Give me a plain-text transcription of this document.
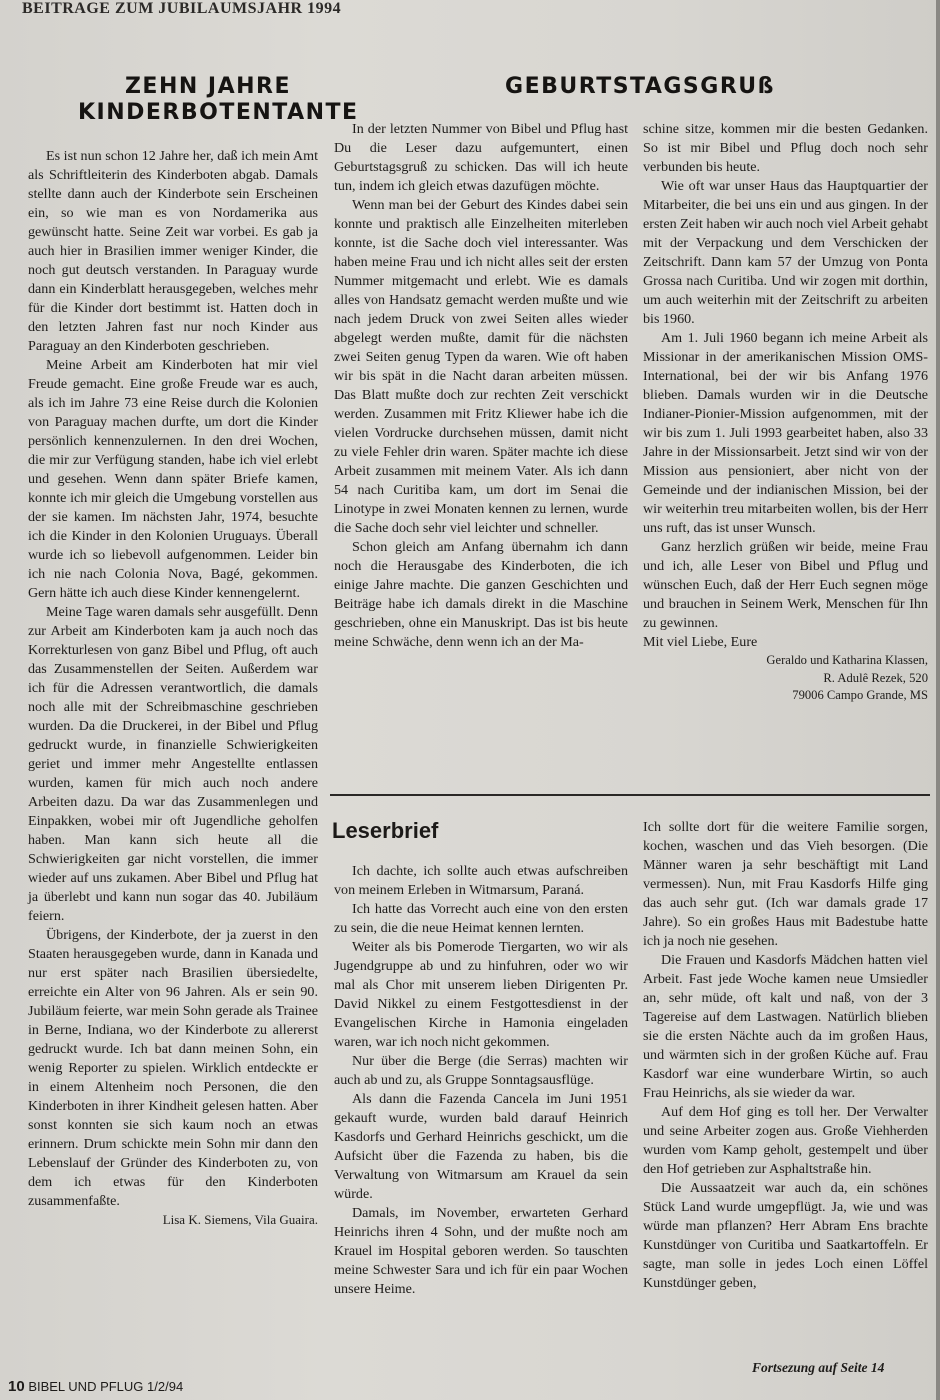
BEITRAGE ZUM JUBILAUMSJAHR 1994
ZEHN JAHRE
KINDERBOTENTANTE

Es ist nun schon 12 Jahre her, daß ich mein Amt als Schriftleiterin des Kinderboten abgab. Damals stellte dann auch der Kinderbote sein Erscheinen ein, so wie man es von Nordamerika aus gewünscht hatte. Seine Zeit war vorbei. Es gab ja auch hier in Brasilien immer weniger Kinder, die noch gut deutsch verstanden. In Paraguay wurde dann ein Kinderblatt herausgegeben, welches mehr für die Kinder dort bestimmt ist. Hatten doch in den letzten Jahren fast nur noch Kinder aus Paraguay an den Kinderboten geschrieben.

Meine Arbeit am Kinderboten hat mir viel Freude gemacht. Eine große Freude war es auch, als ich im Jahre 73 eine Reise durch die Kolonien von Paraguay machen durfte, um dort die Kinder persönlich kennenzulernen. In den drei Wochen, die mir zur Verfügung standen, habe ich viel erlebt und gesehen. Wenn dann später Briefe kamen, konnte ich mir gleich die Umgebung vorstellen aus der sie kamen. Im nächsten Jahr, 1974, besuchte ich die Kinder in den Kolonien Uruguays. Überall wurde ich so liebevoll aufgenommen. Leider bin ich nie nach Colonia Nova, Bagé, gekommen. Gern hätte ich auch diese Kinder kennengelernt.

Meine Tage waren damals sehr ausgefüllt. Denn zur Arbeit am Kinderboten kam ja auch noch das Korrekturlesen von ganz Bibel und Pflug, oft auch das Zusammenstellen der Seiten. Außerdem war ich für die Adressen verantwortlich, die damals noch alle mit der Schreibmaschine geschrieben wurden. Da die Druckerei, in der Bibel und Pflug gedruckt wurde, in finanzielle Schwierigkeiten geriet und immer mehr Angestellte entlassen wurden, kamen für mich auch noch andere Arbeiten dazu. Da war das Zusammenlegen und Einpakken, wobei mir oft Jugendliche geholfen haben. Man kann sich heute all die Schwierigkeiten gar nicht vorstellen, die immer wieder auf uns zukamen. Aber Bibel und Pflug hat ja überlebt und kann nun sogar das 40. Jubiläum feiern.

Übrigens, der Kinderbote, der ja zuerst in den Staaten herausgegeben wurde, dann in Kanada und nur erst später nach Brasilien übersiedelte, erreichte ein Alter von 96 Jahren. Als er sein 90. Jubiläum feierte, war mein Sohn gerade als Trainee in Berne, Indiana, wo der Kinderbote zu allererst gedruckt wurde. Ich bat dann meinen Sohn, ein wenig Reporter zu spielen. Wirklich entdeckte er in einem Altenheim noch Personen, die den Kinderboten in ihrer Kindheit gelesen hatten. Aber sonst konnten sie sich kaum noch an etwas erinnern. Drum schickte mein Sohn mir dann den Lebenslauf der Gründer des Kinderboten zu, von dem ich etwas für den Kinderboten zusammenfaßte.

Lisa K. Siemens, Vila Guaira.

GEBURTSTAGSGRUß

In der letzten Nummer von Bibel und Pflug hast Du die Leser dazu aufgemuntert, einen Geburtstagsgruß zu schicken. Das will ich heute tun, indem ich gleich etwas dazufügen möchte.

Wenn man bei der Geburt des Kindes dabei sein konnte und praktisch alle Einzelheiten miterleben konnte, ist die Sache doch viel interessanter. Was haben meine Frau und ich nicht alles seit der ersten Nummer mitgemacht und erlebt. Wie es damals alles von Handsatz gemacht werden mußte und wie nach jedem Druck von zwei Seiten alles wieder abgelegt werden mußte, damit für die nächsten zwei Seiten genug Typen da waren. Wie oft haben wir bis spät in die Nacht daran arbeiten müssen. Das Blatt mußte doch zur rechten Zeit verschickt werden. Zusammen mit Fritz Kliewer habe ich die vielen Vordrucke durchsehen müssen, damit nicht zu viele Fehler drin waren. Später machte ich diese Arbeit zusammen mit meinem Vater. Als ich dann 54 nach Curitiba kam, um dort im Senai die Linotype in zwei Monaten kennen zu lernen, wurde die Sache doch sehr viel leichter und schneller.

Schon gleich am Anfang übernahm ich dann noch die Herausgabe des Kinderboten, die ich einige Jahre machte. Die ganzen Geschichten und Beiträge habe ich damals direkt in die Maschine geschrieben, ohne ein Manuskript. Das ist bis heute meine Schwäche, denn wenn ich an der Ma-

schine sitze, kommen mir die besten Gedanken. So ist mir Bibel und Pflug doch noch sehr verbunden bis heute.

Wie oft war unser Haus das Hauptquartier der Mitarbeiter, die bei uns ein und aus gingen. In der ersten Zeit haben wir auch noch viel Arbeit gehabt mit der Verpackung und dem Verschicken der Zeitschrift. Dann kam 57 der Umzug von Ponta Grossa nach Curitiba. Und wir zogen mit dorthin, um auch weiterhin mit der Zeitschrift zu arbeiten bis 1960.

Am 1. Juli 1960 begann ich meine Arbeit als Missionar in der amerikanischen Mission OMS-International, bei der wir bis Anfang 1976 blieben. Damals wurden wir in die Deutsche Indianer-Pionier-Mission aufgenommen, mit der wir bis zum 1. Juli 1993 gearbeitet haben, also 33 Jahre in der Missionsarbeit. Jetzt sind wir von der Mission aus pensioniert, aber nicht von der Gemeinde und der indianischen Mission, bei der wir weiterhin treu mitarbeiten wollen, bis der Herr uns ruft, das ist unser Wunsch.

Ganz herzlich grüßen wir beide, meine Frau und ich, alle Leser von Bibel und Pflug und wünschen Euch, daß der Herr Euch segnen möge und brauchen in Seinem Werk, Menschen für Ihn zu gewinnen.

Mit viel Liebe, Eure

Geraldo und Katharina Klassen,

R. Adulê Rezek, 520

79006 Campo Grande, MS

Leserbrief

Ich dachte, ich sollte auch etwas aufschreiben von meinem Erleben in Witmarsum, Paraná.

Ich hatte das Vorrecht auch eine von den ersten zu sein, die die neue Heimat kennen lernten.

Weiter als bis Pomerode Tiergarten, wo wir als Jugendgruppe ab und zu hinfuhren, oder wo wir mal als Chor mit unserem lieben Dirigenten Pr. David Nikkel zu einem Festgottesdienst in der Evangelischen Kirche in Hamonia eingeladen waren, war ich noch nicht gekommen.

Nur über die Berge (die Serras) machten wir auch ab und zu, als Gruppe Sonntagsausflüge.

Als dann die Fazenda Cancela im Juni 1951 gekauft wurde, wurden bald darauf Heinrich Kasdorfs und Gerhard Heinrichs geschickt, um die Aufsicht über die Fazenda zu haben, bis die Verwaltung von Witmarsum am Krauel da sein würde.

Damals, im November, erwarteten Gerhard Heinrichs ihren 4 Sohn, und der mußte noch am Krauel im Hospital geboren werden. So tauschten meine Schwester Sara und ich für ein paar Wochen unsere Heime.

Ich sollte dort für die weitere Familie sorgen, kochen, waschen und das Vieh besorgen. (Die Männer waren ja sehr beschäftigt mit Land vermessen). Nun, mit Frau Kasdorfs Hilfe ging das auch sehr gut. (Ich war damals grade 17 Jahre). So ein großes Haus mit Badestube hatte ich ja noch nie gesehen.

Die Frauen und Kasdorfs Mädchen hatten viel Arbeit. Fast jede Woche kamen neue Umsiedler an, sehr müde, oft kalt und naß, von der 3 Tagereise auf dem Lastwagen. Natürlich blieben sie die ersten Nächte auch da im großen Haus, und wärmten sich in der großen Küche auf. Frau Kasdorf war eine wunderbare Wirtin, so auch Frau Heinrichs, als sie wieder da war.

Auf dem Hof ging es toll her. Der Verwalter und seine Arbeiter zogen aus. Große Viehherden wurden vom Kamp geholt, gestempelt und über den Hof getrieben zur Asphaltstraße hin.

Die Aussaatzeit war auch da, ein schönes Stück Land wurde umgepflügt. Ja, wie und was würde man pflanzen? Herr Abram Ens brachte Kunstdünger von Curitiba und Saatkartoffeln. Er sagte, man solle in jedes Loch einen Löffel Kunstdünger geben,

Fortsezung auf Seite 14
10 BIBEL UND PFLUG 1/2/94
